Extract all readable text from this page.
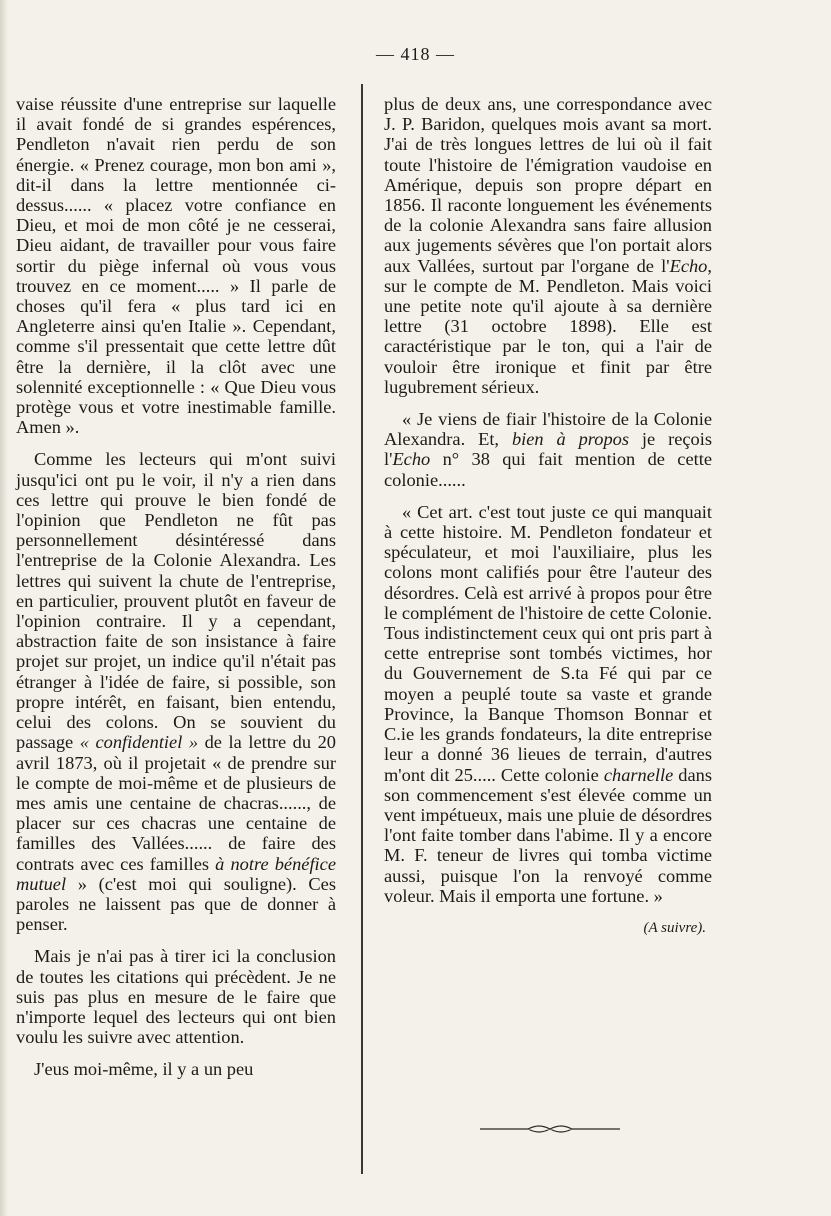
— 418 —

vaise réussite d'une entreprise sur laquelle il avait fondé de si grandes espérences, Pendleton n'avait rien perdu de son énergie. « Prenez courage, mon bon ami », dit-il dans la lettre mentionnée ci-dessus...... « placez votre confiance en Dieu, et moi de mon côté je ne cesserai, Dieu aidant, de travailler pour vous faire sortir du piège infernal où vous vous trouvez en ce moment..... » Il parle de choses qu'il fera « plus tard ici en Angleterre ainsi qu'en Italie ». Cependant, comme s'il pressentait que cette lettre dût être la dernière, il la clôt avec une solennité exceptionnelle : « Que Dieu vous protège vous et votre inestimable famille. Amen ».

Comme les lecteurs qui m'ont suivi jusqu'ici ont pu le voir, il n'y a rien dans ces lettre qui prouve le bien fondé de l'opinion que Pendleton ne fût pas personnellement désintéressé dans l'entreprise de la Colonie Alexandra. Les lettres qui suivent la chute de l'entreprise, en particulier, prouvent plutôt en faveur de l'opinion contraire. Il y a cependant, abstraction faite de son insistance à faire projet sur projet, un indice qu'il n'était pas étranger à l'idée de faire, si possible, son propre intérêt, en faisant, bien entendu, celui des colons. On se souvient du passage « confidentiel » de la lettre du 20 avril 1873, où il projetait « de prendre sur le compte de moi-même et de plusieurs de mes amis une centaine de chacras......, de placer sur ces chacras une centaine de familles des Vallées...... de faire des contrats avec ces familles à notre bénéfice mutuel » (c'est moi qui souligne). Ces paroles ne laissent pas que de donner à penser.

Mais je n'ai pas à tirer ici la conclusion de toutes les citations qui précèdent. Je ne suis pas plus en mesure de le faire que n'importe lequel des lecteurs qui ont bien voulu les suivre avec attention.

J'eus moi-même, il y a un peu

plus de deux ans, une correspondance avec J. P. Baridon, quelques mois avant sa mort. J'ai de très longues lettres de lui où il fait toute l'histoire de l'émigration vaudoise en Amérique, depuis son propre départ en 1856. Il raconte longuement les événements de la colonie Alexandra sans faire allusion aux jugements sévères que l'on portait alors aux Vallées, surtout par l'organe de l'Echo, sur le compte de M. Pendleton. Mais voici une petite note qu'il ajoute à sa dernière lettre (31 octobre 1898). Elle est caractéristique par le ton, qui a l'air de vouloir être ironique et finit par être lugubrement sérieux.

« Je viens de fiair l'histoire de la Colonie Alexandra. Et, bien à propos je reçois l'Echo n° 38 qui fait mention de cette colonie......

« Cet art. c'est tout juste ce qui manquait à cette histoire. M. Pendleton fondateur et spéculateur, et moi l'auxiliaire, plus les colons mont califiés pour être l'auteur des désordres. Celà est arrivé à propos pour être le complément de l'histoire de cette Colonie. Tous indistinctement ceux qui ont pris part à cette entreprise sont tombés victimes, hor du Gouvernement de S.ta Fé qui par ce moyen a peuplé toute sa vaste et grande Province, la Banque Thomson Bonnar et C.ie les grands fondateurs, la dite entreprise leur a donné 36 lieues de terrain, d'autres m'ont dit 25..... Cette colonie charnelle dans son commencement s'est élevée comme un vent impétueux, mais une pluie de désordres l'ont faite tomber dans l'abime. Il y a encore M. F. teneur de livres qui tomba victime aussi, puisque l'on la renvoyé comme voleur. Mais il emporta une fortune. »

(A suivre).
